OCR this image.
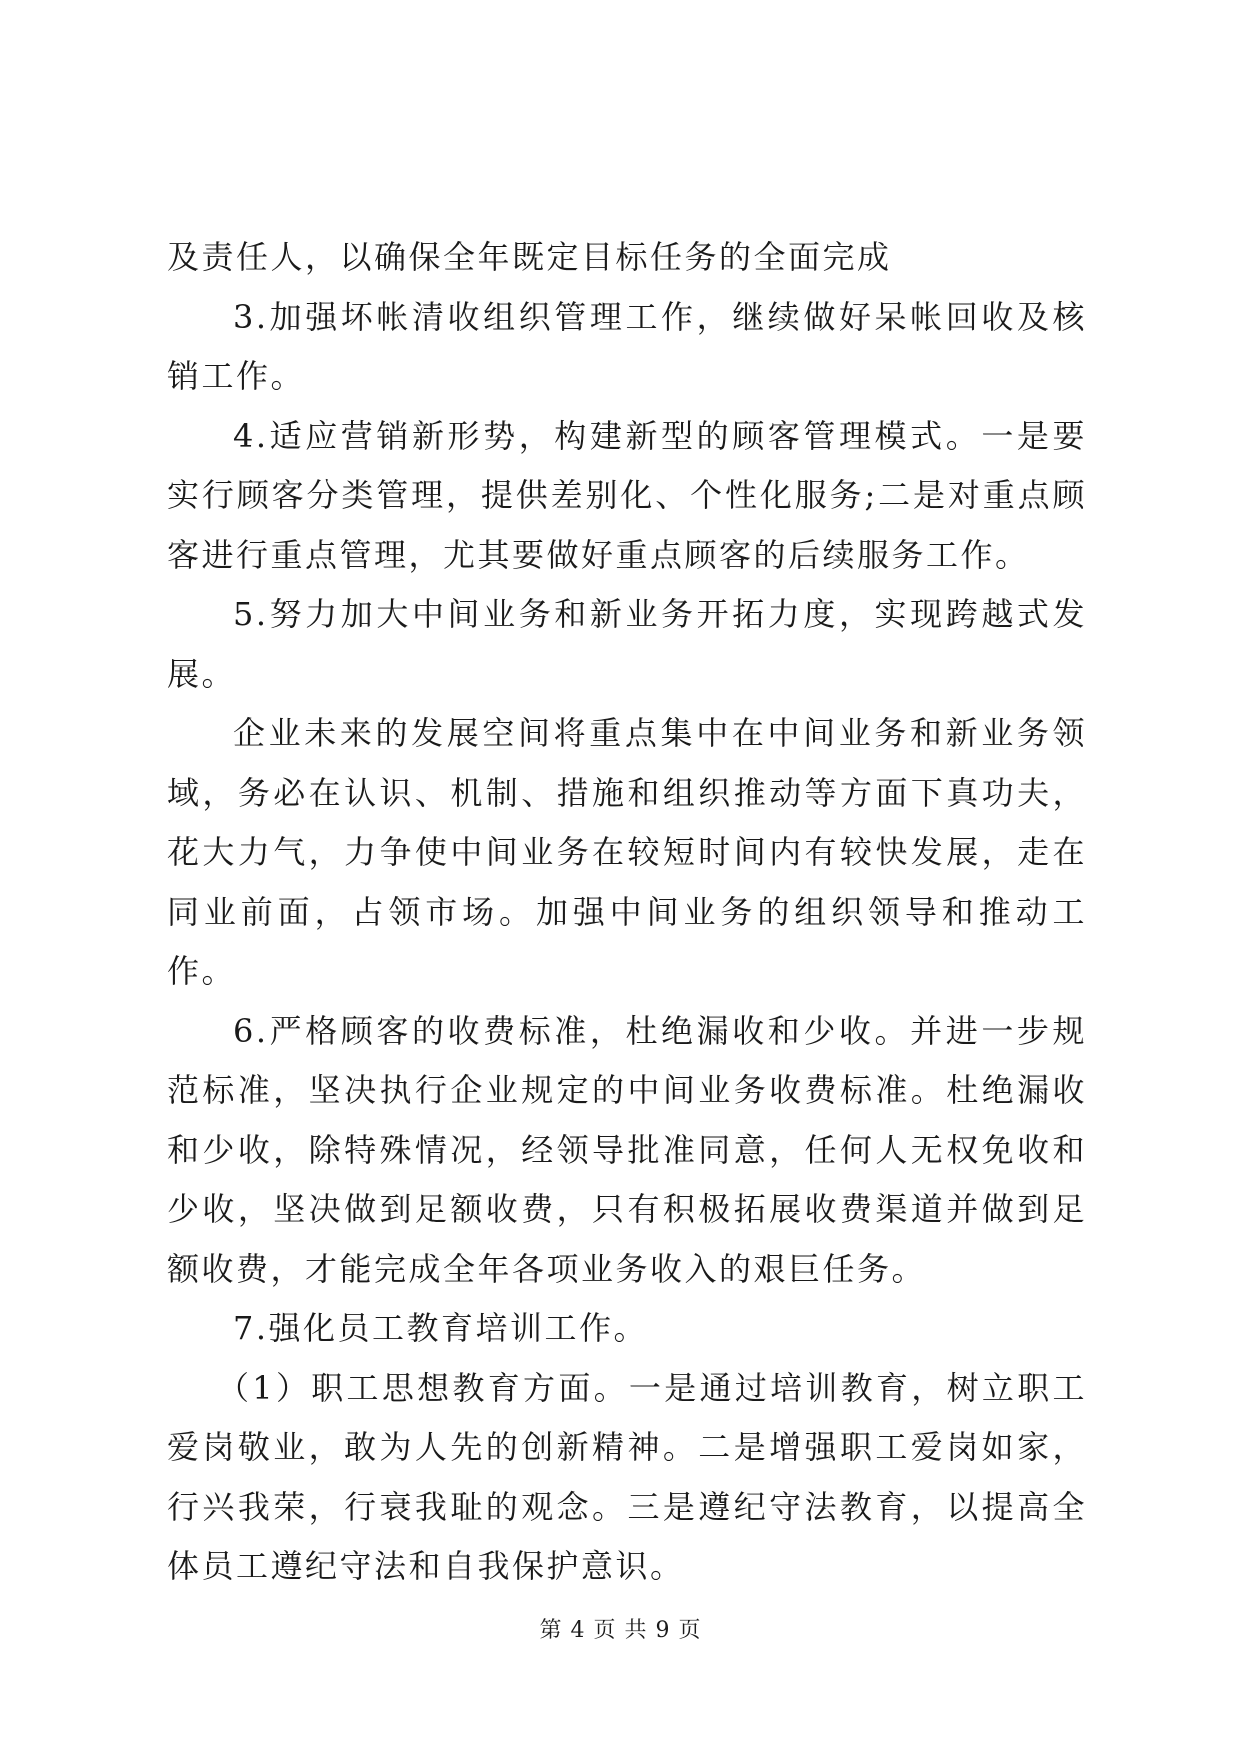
及责任人，以确保全年既定目标任务的全面完成

3.加强坏帐清收组织管理工作，继续做好呆帐回收及核销工作。

4.适应营销新形势，构建新型的顾客管理模式。一是要实行顾客分类管理，提供差别化、个性化服务;二是对重点顾客进行重点管理，尤其要做好重点顾客的后续服务工作。

5.努力加大中间业务和新业务开拓力度，实现跨越式发展。

企业未来的发展空间将重点集中在中间业务和新业务领域，务必在认识、机制、措施和组织推动等方面下真功夫，花大力气，力争使中间业务在较短时间内有较快发展，走在同业前面，占领市场。加强中间业务的组织领导和推动工作。

6.严格顾客的收费标准，杜绝漏收和少收。并进一步规范标准，坚决执行企业规定的中间业务收费标准。杜绝漏收和少收，除特殊情况，经领导批准同意，任何人无权免收和少收，坚决做到足额收费，只有积极拓展收费渠道并做到足额收费，才能完成全年各项业务收入的艰巨任务。

7.强化员工教育培训工作。

（1）职工思想教育方面。一是通过培训教育，树立职工爱岗敬业，敢为人先的创新精神。二是增强职工爱岗如家，行兴我荣，行衰我耻的观念。三是遵纪守法教育，以提高全体员工遵纪守法和自我保护意识。

第 4 页 共 9 页
